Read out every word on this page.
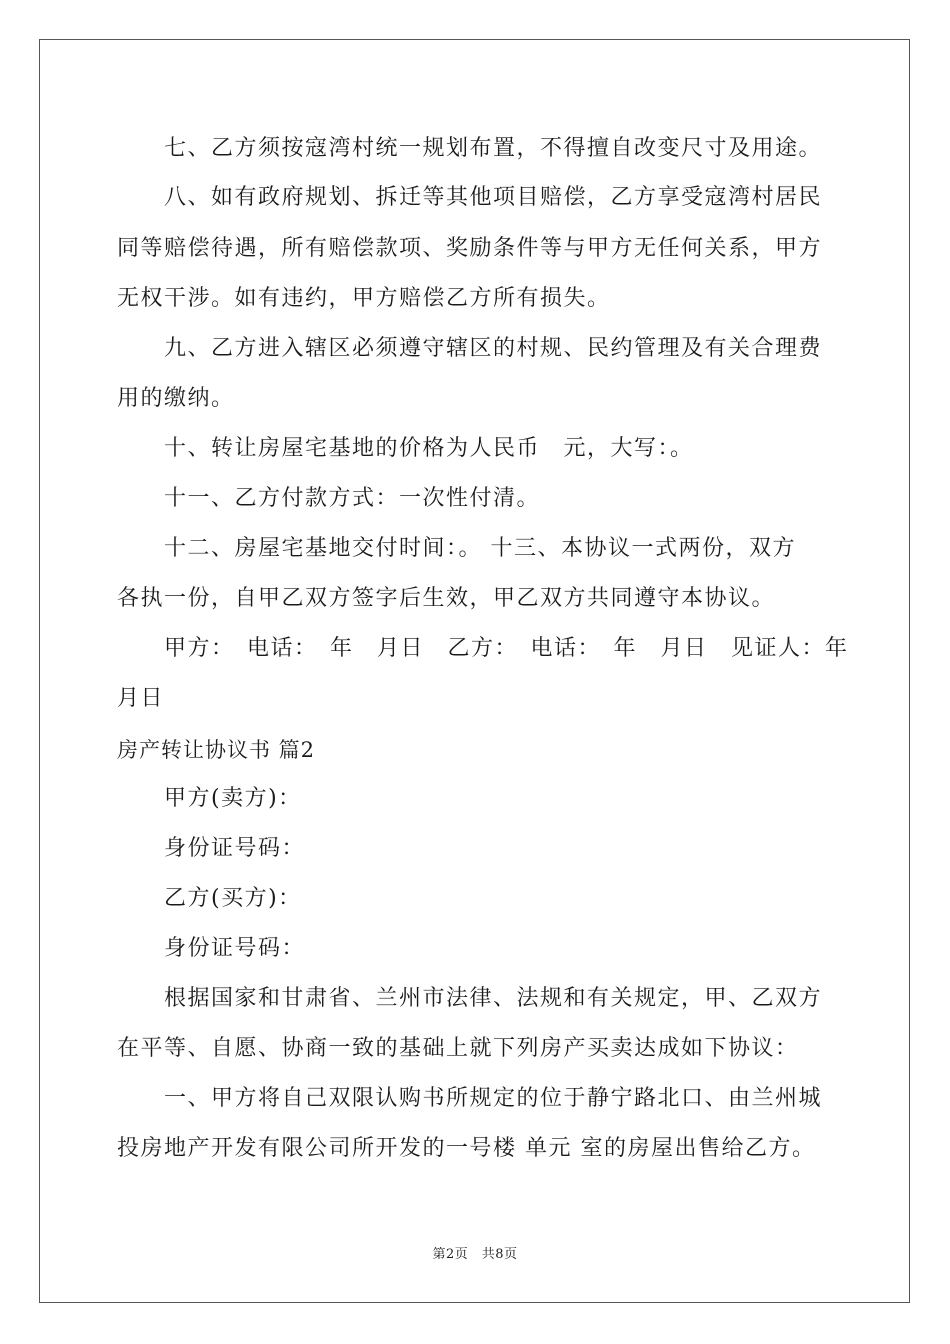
七、乙方须按寇湾村统一规划布置，不得擅自改变尺寸及用途。
八、如有政府规划、拆迁等其他项目赔偿，乙方享受寇湾村居民
同等赔偿待遇，所有赔偿款项、奖励条件等与甲方无任何关系，甲方
无权干涉。如有违约，甲方赔偿乙方所有损失。
九、乙方进入辖区必须遵守辖区的村规、民约管理及有关合理费
用的缴纳。
十、转让房屋宅基地的价格为人民币　元，大写：。
十一、乙方付款方式：一次性付清。
十二、房屋宅基地交付时间：。 十三、本协议一式两份，双方
各执一份，自甲乙双方签字后生效，甲乙双方共同遵守本协议。
甲方：　电话：　年　月日　乙方：　电话：　年　月日　见证人：年
月日
房产转让协议书 篇2
甲方(卖方)：
身份证号码：
乙方(买方)：
身份证号码：
根据国家和甘肃省、兰州市法律、法规和有关规定，甲、乙双方
在平等、自愿、协商一致的基础上就下列房产买卖达成如下协议：
一、甲方将自己双限认购书所规定的位于静宁路北口、由兰州城
投房地产开发有限公司所开发的一号楼 单元 室的房屋出售给乙方。
第2页　共8页
